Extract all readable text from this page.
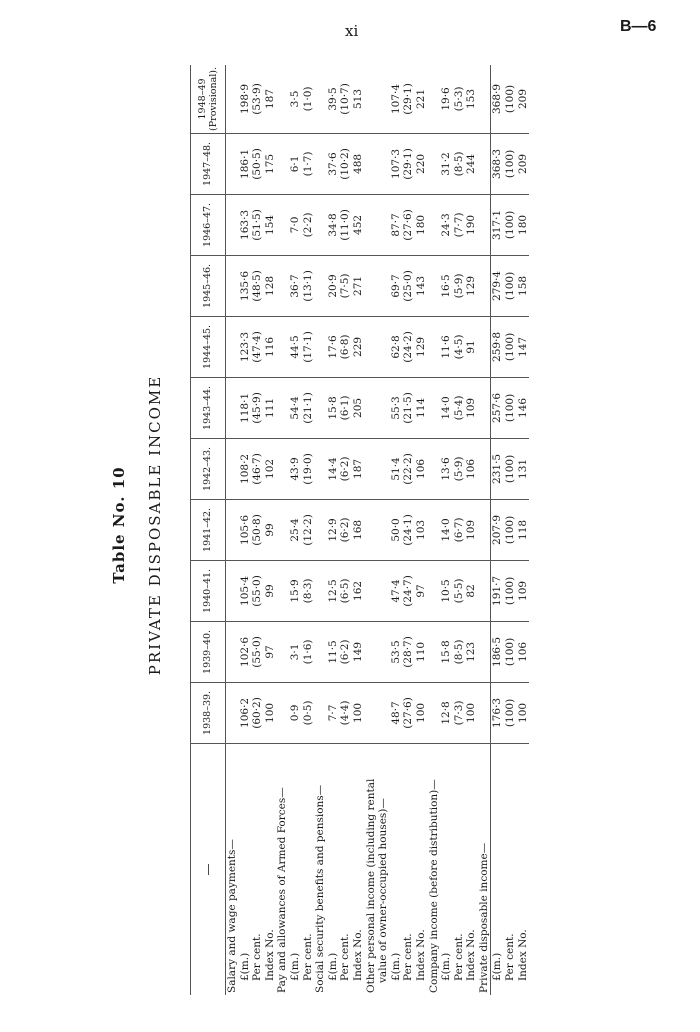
xi	B—6
Table No. 10 PRIVATE DISPOSABLE INCOME
—	1938–39.	1939–40.	1940–41.	1941–42.	1942–43.	1943–44.	1944–45.	1945–46.	1946–47.	1947–48.	1948–49 (Provisional).
Salary and wage payments—											
£(m.)	106·2	102·6	105·4	105·6	108·2	118·1	123·3	135·6	163·3	186·1	198·9
Per cent.	(60·2)	(55·0)	(55·0)	(50·8)	(46·7)	(45·9)	(47·4)	(48·5)	(51·5)	(50·5)	(53·9)
Index No.	100	97	99	99	102	111	116	128	154	175	187
Pay and allowances of Armed Forces—											
£(m.)	0·9	3·1	15·9	25·4	43·9	54·4	44·5	36·7	7·0	6·1	3·5
Per cent.	(0·5)	(1·6)	(8·3)	(12·2)	(19·0)	(21·1)	(17·1)	(13·1)	(2·2)	(1·7)	(1·0)
Social security benefits and pensions—											
£(m.)	7·7	11·5	12·5	12·9	14·4	15·8	17·6	20·9	34·8	37·6	39·5
Per cent.	(4·4)	(6·2)	(6·5)	(6·2)	(6·2)	(6·1)	(6·8)	(7·5)	(11·0)	(10·2)	(10·7)
Index No.	100	149	162	168	187	205	229	271	452	488	513
Other personal income (including rental											
value of owner-occupied houses)—											
£(m.)	48·7	53·5	47·4	50·0	51·4	55·3	62·8	69·7	87·7	107·3	107·4
Per cent.	(27·6)	(28·7)	(24·7)	(24·1)	(22·2)	(21·5)	(24·2)	(25·0)	(27·6)	(29·1)	(29·1)
Index No.	100	110	97	103	106	114	129	143	180	220	221
Company income (before distribution)—											
£(m.)	12·8	15·8	10·5	14·0	13·6	14·0	11·6	16·5	24·3	31·2	19·6
Per cent.	(7·3)	(8·5)	(5·5)	(6·7)	(5·9)	(5·4)	(4·5)	(5·9)	(7·7)	(8·5)	(5·3)
Index No.	100	123	82	109	106	109	91	129	190	244	153
Private disposable income—											
£(m.)	176·3	186·5	191·7	207·9	231·5	257·6	259·8	279·4	317·1	368·3	368·9
Per cent.	(100)	(100)	(100)	(100)	(100)	(100)	(100)	(100)	(100)	(100)	(100)
Index No.	100	106	109	118	131	146	147	158	180	209	209
